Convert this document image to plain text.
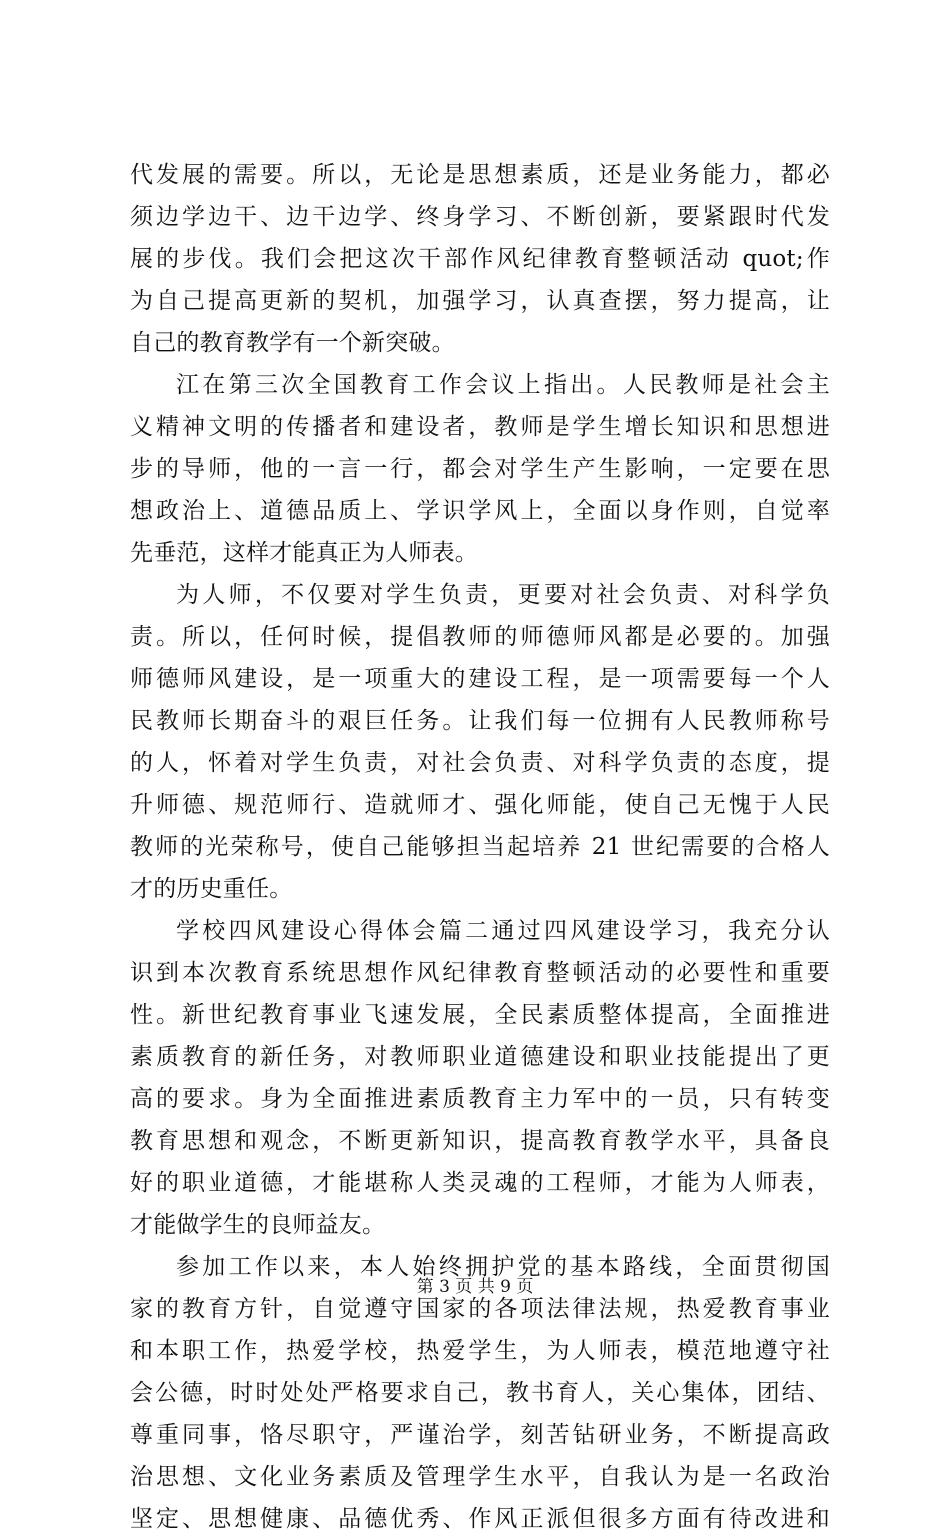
代发展的需要。所以，无论是思想素质，还是业务能力，都必
须边学边干、边干边学、终身学习、不断创新，要紧跟时代发
展的步伐。我们会把这次干部作风纪律教育整顿活动 quot;作
为自己提高更新的契机，加强学习，认真查摆，努力提高，让
自己的教育教学有一个新突破。
江在第三次全国教育工作会议上指出。人民教师是社会主
义精神文明的传播者和建设者，教师是学生增长知识和思想进
步的导师，他的一言一行，都会对学生产生影响，一定要在思
想政治上、道德品质上、学识学风上，全面以身作则，自觉率
先垂范，这样才能真正为人师表。
为人师，不仅要对学生负责，更要对社会负责、对科学负
责。所以，任何时候，提倡教师的师德师风都是必要的。加强
师德师风建设，是一项重大的建设工程，是一项需要每一个人
民教师长期奋斗的艰巨任务。让我们每一位拥有人民教师称号
的人，怀着对学生负责，对社会负责、对科学负责的态度，提
升师德、规范师行、造就师才、强化师能，使自己无愧于人民
教师的光荣称号，使自己能够担当起培养 21 世纪需要的合格人
才的历史重任。
学校四风建设心得体会篇二通过四风建设学习，我充分认
识到本次教育系统思想作风纪律教育整顿活动的必要性和重要
性。新世纪教育事业飞速发展，全民素质整体提高，全面推进
素质教育的新任务，对教师职业道德建设和职业技能提出了更
高的要求。身为全面推进素质教育主力军中的一员，只有转变
教育思想和观念，不断更新知识，提高教育教学水平，具备良
好的职业道德，才能堪称人类灵魂的工程师，才能为人师表，
才能做学生的良师益友。
参加工作以来，本人始终拥护党的基本路线，全面贯彻国
家的教育方针，自觉遵守国家的各项法律法规，热爱教育事业
和本职工作，热爱学校，热爱学生，为人师表，模范地遵守社
会公德，时时处处严格要求自己，教书育人，关心集体，团结、
尊重同事，恪尽职守，严谨治学，刻苦钻研业务，不断提高政
治思想、文化业务素质及管理学生水平，自我认为是一名政治
坚定、思想健康、品德优秀、作风正派但很多方面有待改进和
第 3 页 共 9 页
